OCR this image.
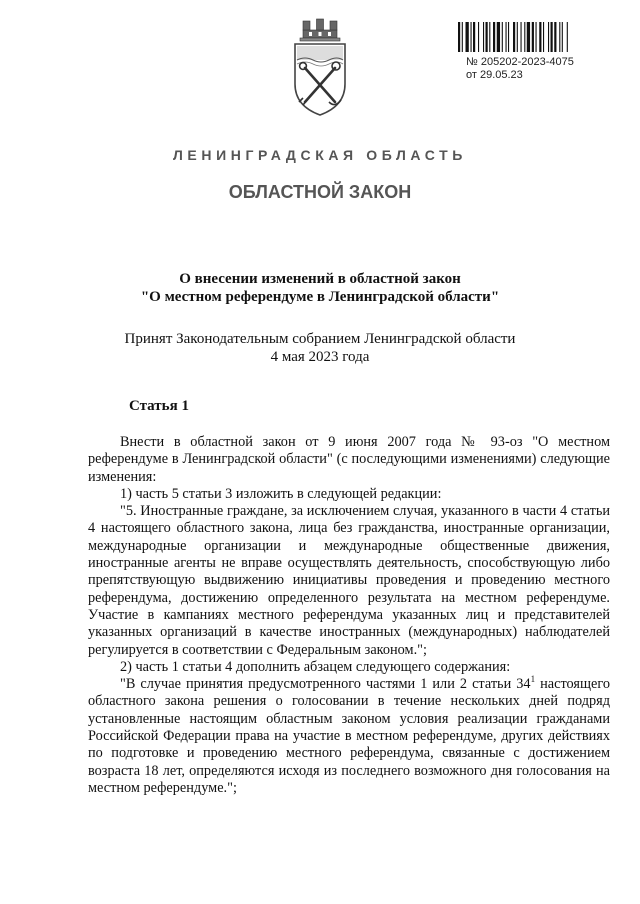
№ 205202-2023-4075
от 29.05.23
ЛЕНИНГРАДСКАЯ ОБЛАСТЬ
ОБЛАСТНОЙ ЗАКОН
О внесении изменений в областной закон
"О местном референдуме в Ленинградской области"
Принят Законодательным собранием Ленинградской области
4 мая 2023 года
Статья 1

Внести в областной закон от 9 июня 2007 года № 93-оз "О местном референдуме в Ленинградской области" (с последующими изменениями) следующие изменения:

1) часть 5 статьи 3 изложить в следующей редакции:

"5. Иностранные граждане, за исключением случая, указанного в части 4 статьи 4 настоящего областного закона, лица без гражданства, иностранные организации, международные организации и международные общественные движения, иностранные агенты не вправе осуществлять деятельность, способствующую либо препятствующую выдвижению инициативы проведения и проведению местного референдума, достижению определенного результата на местном референдуме. Участие в кампаниях местного референдума указанных лиц и представителей указанных организаций в качестве иностранных (международных) наблюдателей регулируется в соответствии с Федеральным законом.";

2) часть 1 статьи 4 дополнить абзацем следующего содержания:

"В случае принятия предусмотренного частями 1 или 2 статьи $34^1$ настоящего областного закона решения о голосовании в течение нескольких дней подряд установленные настоящим областным законом условия реализации гражданами Российской Федерации права на участие в местном референдуме, других действиях по подготовке и проведению местного референдума, связанные с достижением возраста 18 лет, определяются исходя из последнего возможного дня голосования на местном референдуме.";
